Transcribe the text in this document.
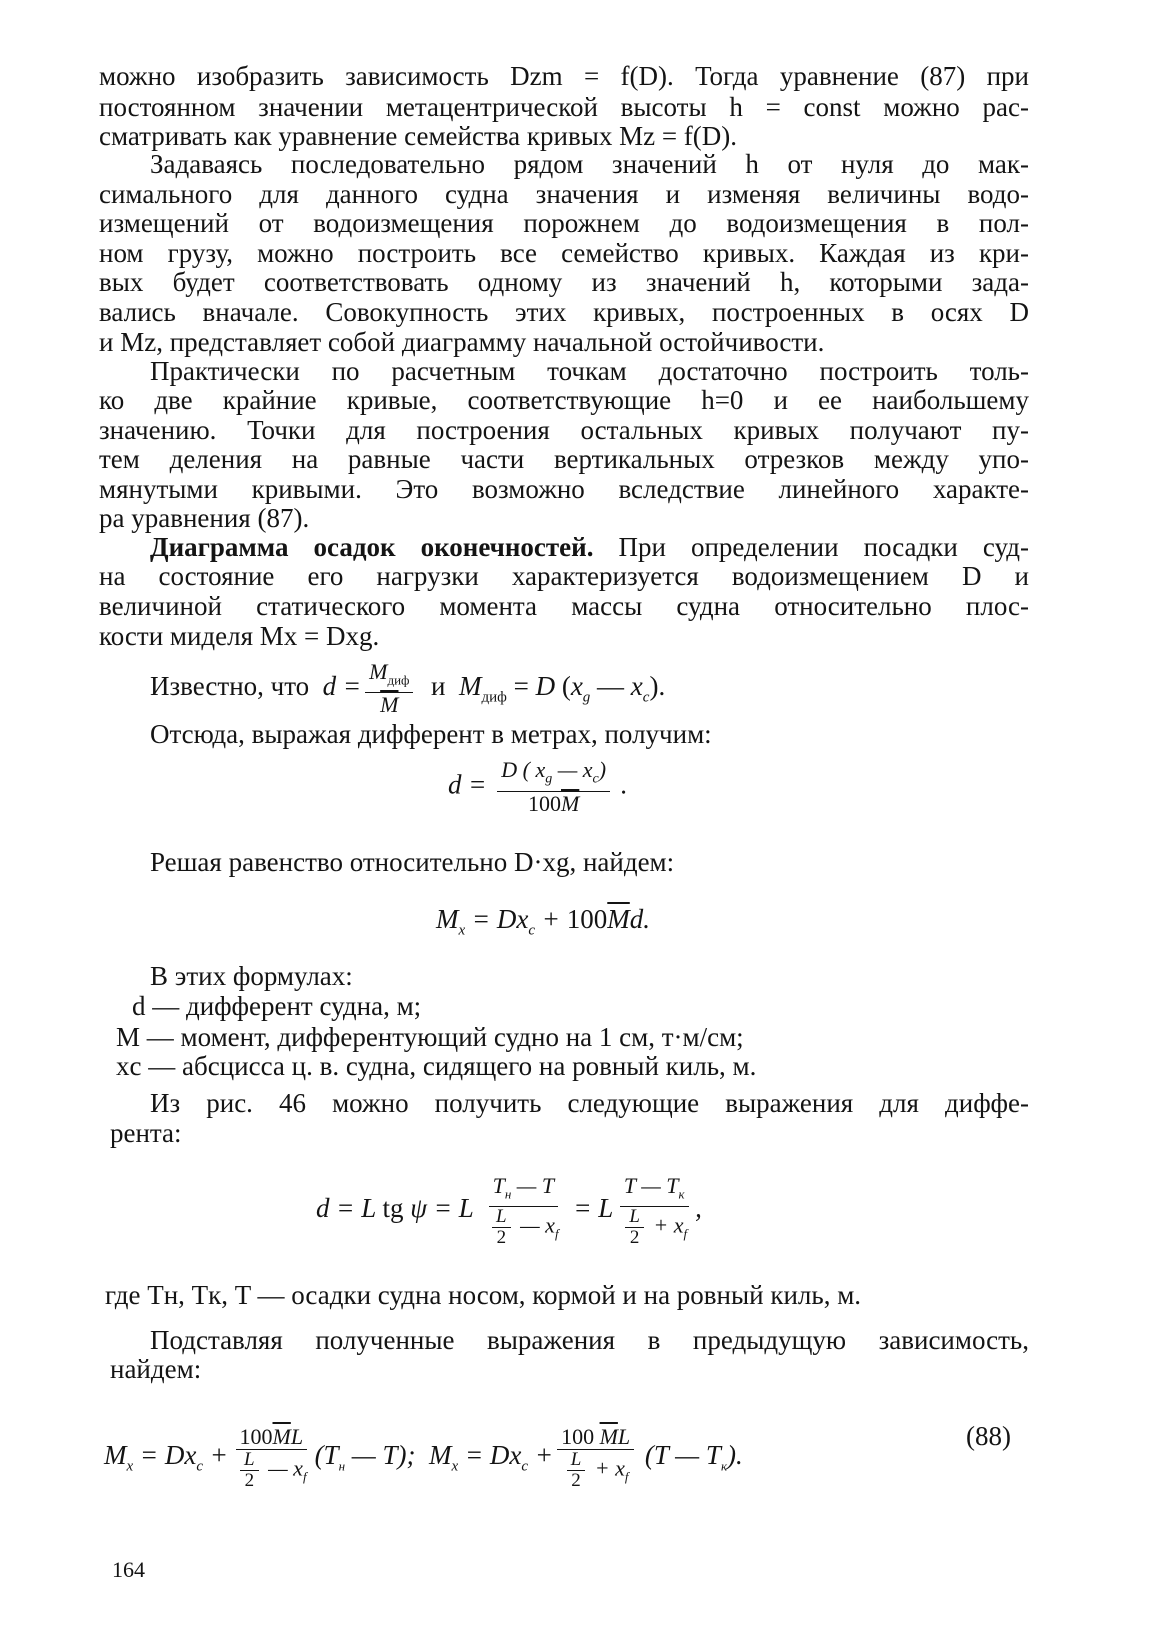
можно изобразить зависимость Dzm = f(D). Тогда уравнение (87) при
постоянном значении метацентрической высоты h = const можно рас-
сматривать как уравнение семейства кривых Mz = f(D).
Задаваясь последовательно рядом значений h от нуля до мак-
симального для данного судна значения и изменяя величины водо-
измещений от водоизмещения порожнем до водоизмещения в пол-
ном грузу, можно построить все семейство кривых. Каждая из кри-
вых будет соответствовать одному из значений h, которыми зада-
вались вначале. Совокупность этих кривых, построенных в осях D
и Mz, представляет собой диаграмму начальной остойчивости.
Практически по расчетным точкам достаточно построить толь-
ко две крайние кривые, соответствующие h=0 и ее наибольшему
значению. Точки для построения остальных кривых получают пу-
тем деления на равные части вертикальных отрезков между упо-
мянутыми кривыми. Это возможно вследствие линейного характе-
ра уравнения (87).
Диаграмма осадок оконечностей. При определении посадки суд-
на состояние его нагрузки характеризуется водоизмещением D и
величиной статического момента массы судна относительно плос-
кости миделя Mx = Dxg.
Известно, что  $d = \frac{M_{диф}}{M}$ и $M_{диф} = D$ ($x_g$ — $x_c$).
Отсюда, выражая дифферент в метрах, получим:
$d = \frac{D ( x_g — x_c)}{100\overline{M}}$ .
Решая равенство относительно D·xg, найдем:
$M_x = Dx_c + 100\overline{M}d$.
В этих формулах:
d — дифферент судна, м;
M — момент, дифферентующий судно на 1 см, т·м/см;
xc — абсцисса ц. в. судна, сидящего на ровный киль, м.
Из рис. 46 можно получить следующие выражения для диффе-
рента:
d = L tg ψ = L $\frac{T_н — T}{\frac{L}{2} — x_f} = L \frac{T — T_к}{\frac{L}{2} + x_f}$ ,
где Tн, Tк, T — осадки судна носом, кормой и на ровный киль, м.
Подставляя полученные выражения в предыдущую зависимость,
найдем:
$M_x = Dx_c + \frac{100\overline{M}L}{\frac{L}{2} — x_f} (T_н$ — T);  $M_x = Dx_c + \frac{100 \overline{M}L}{\frac{L}{2} + x_f} (T$ — $T_к$).
(88)
164
